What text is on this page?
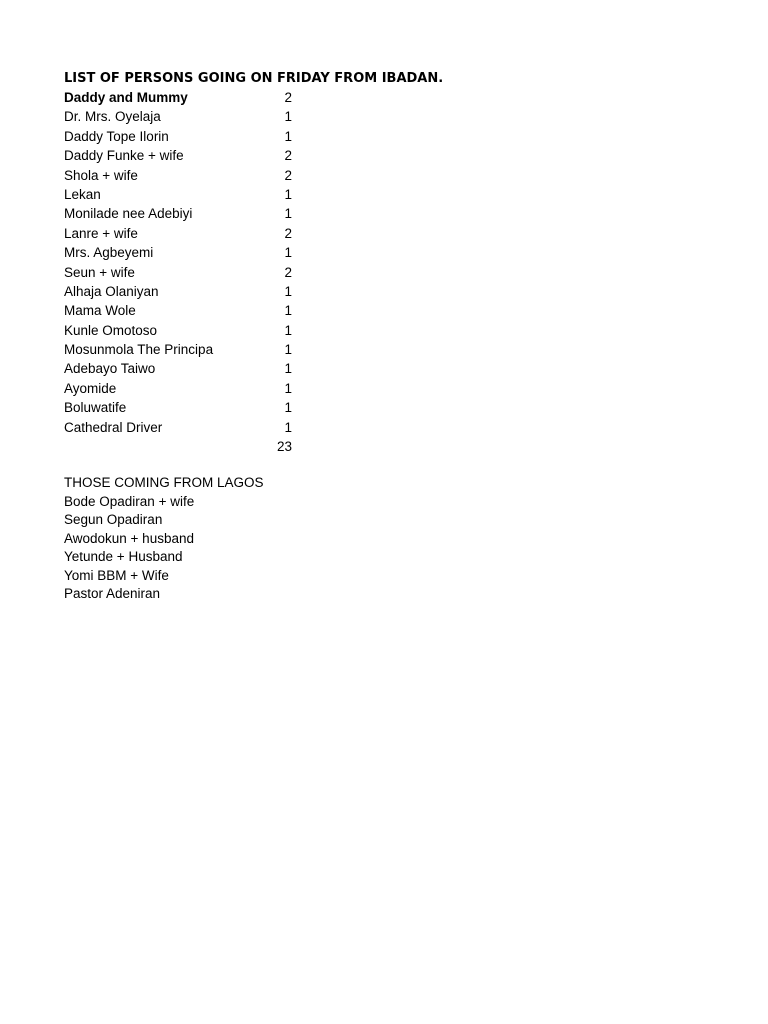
LIST OF PERSONS GOING ON FRIDAY FROM IBADAN.
Daddy and Mummy	2
Dr. Mrs. Oyelaja	1
Daddy Tope Ilorin	1
Daddy Funke + wife	2
Shola + wife	2
Lekan	1
Monilade nee Adebiyi	1
Lanre + wife	2
Mrs. Agbeyemi	1
Seun + wife	2
Alhaja Olaniyan	1
Mama Wole	1
Kunle Omotoso	1
Mosunmola The Principa	1
Adebayo Taiwo	1
Ayomide	1
Boluwatife	1
Cathedral Driver	1
23
THOSE COMING FROM LAGOS
Bode Opadiran + wife
Segun Opadiran
Awodokun + husband
Yetunde + Husband
Yomi BBM + Wife
Pastor Adeniran
